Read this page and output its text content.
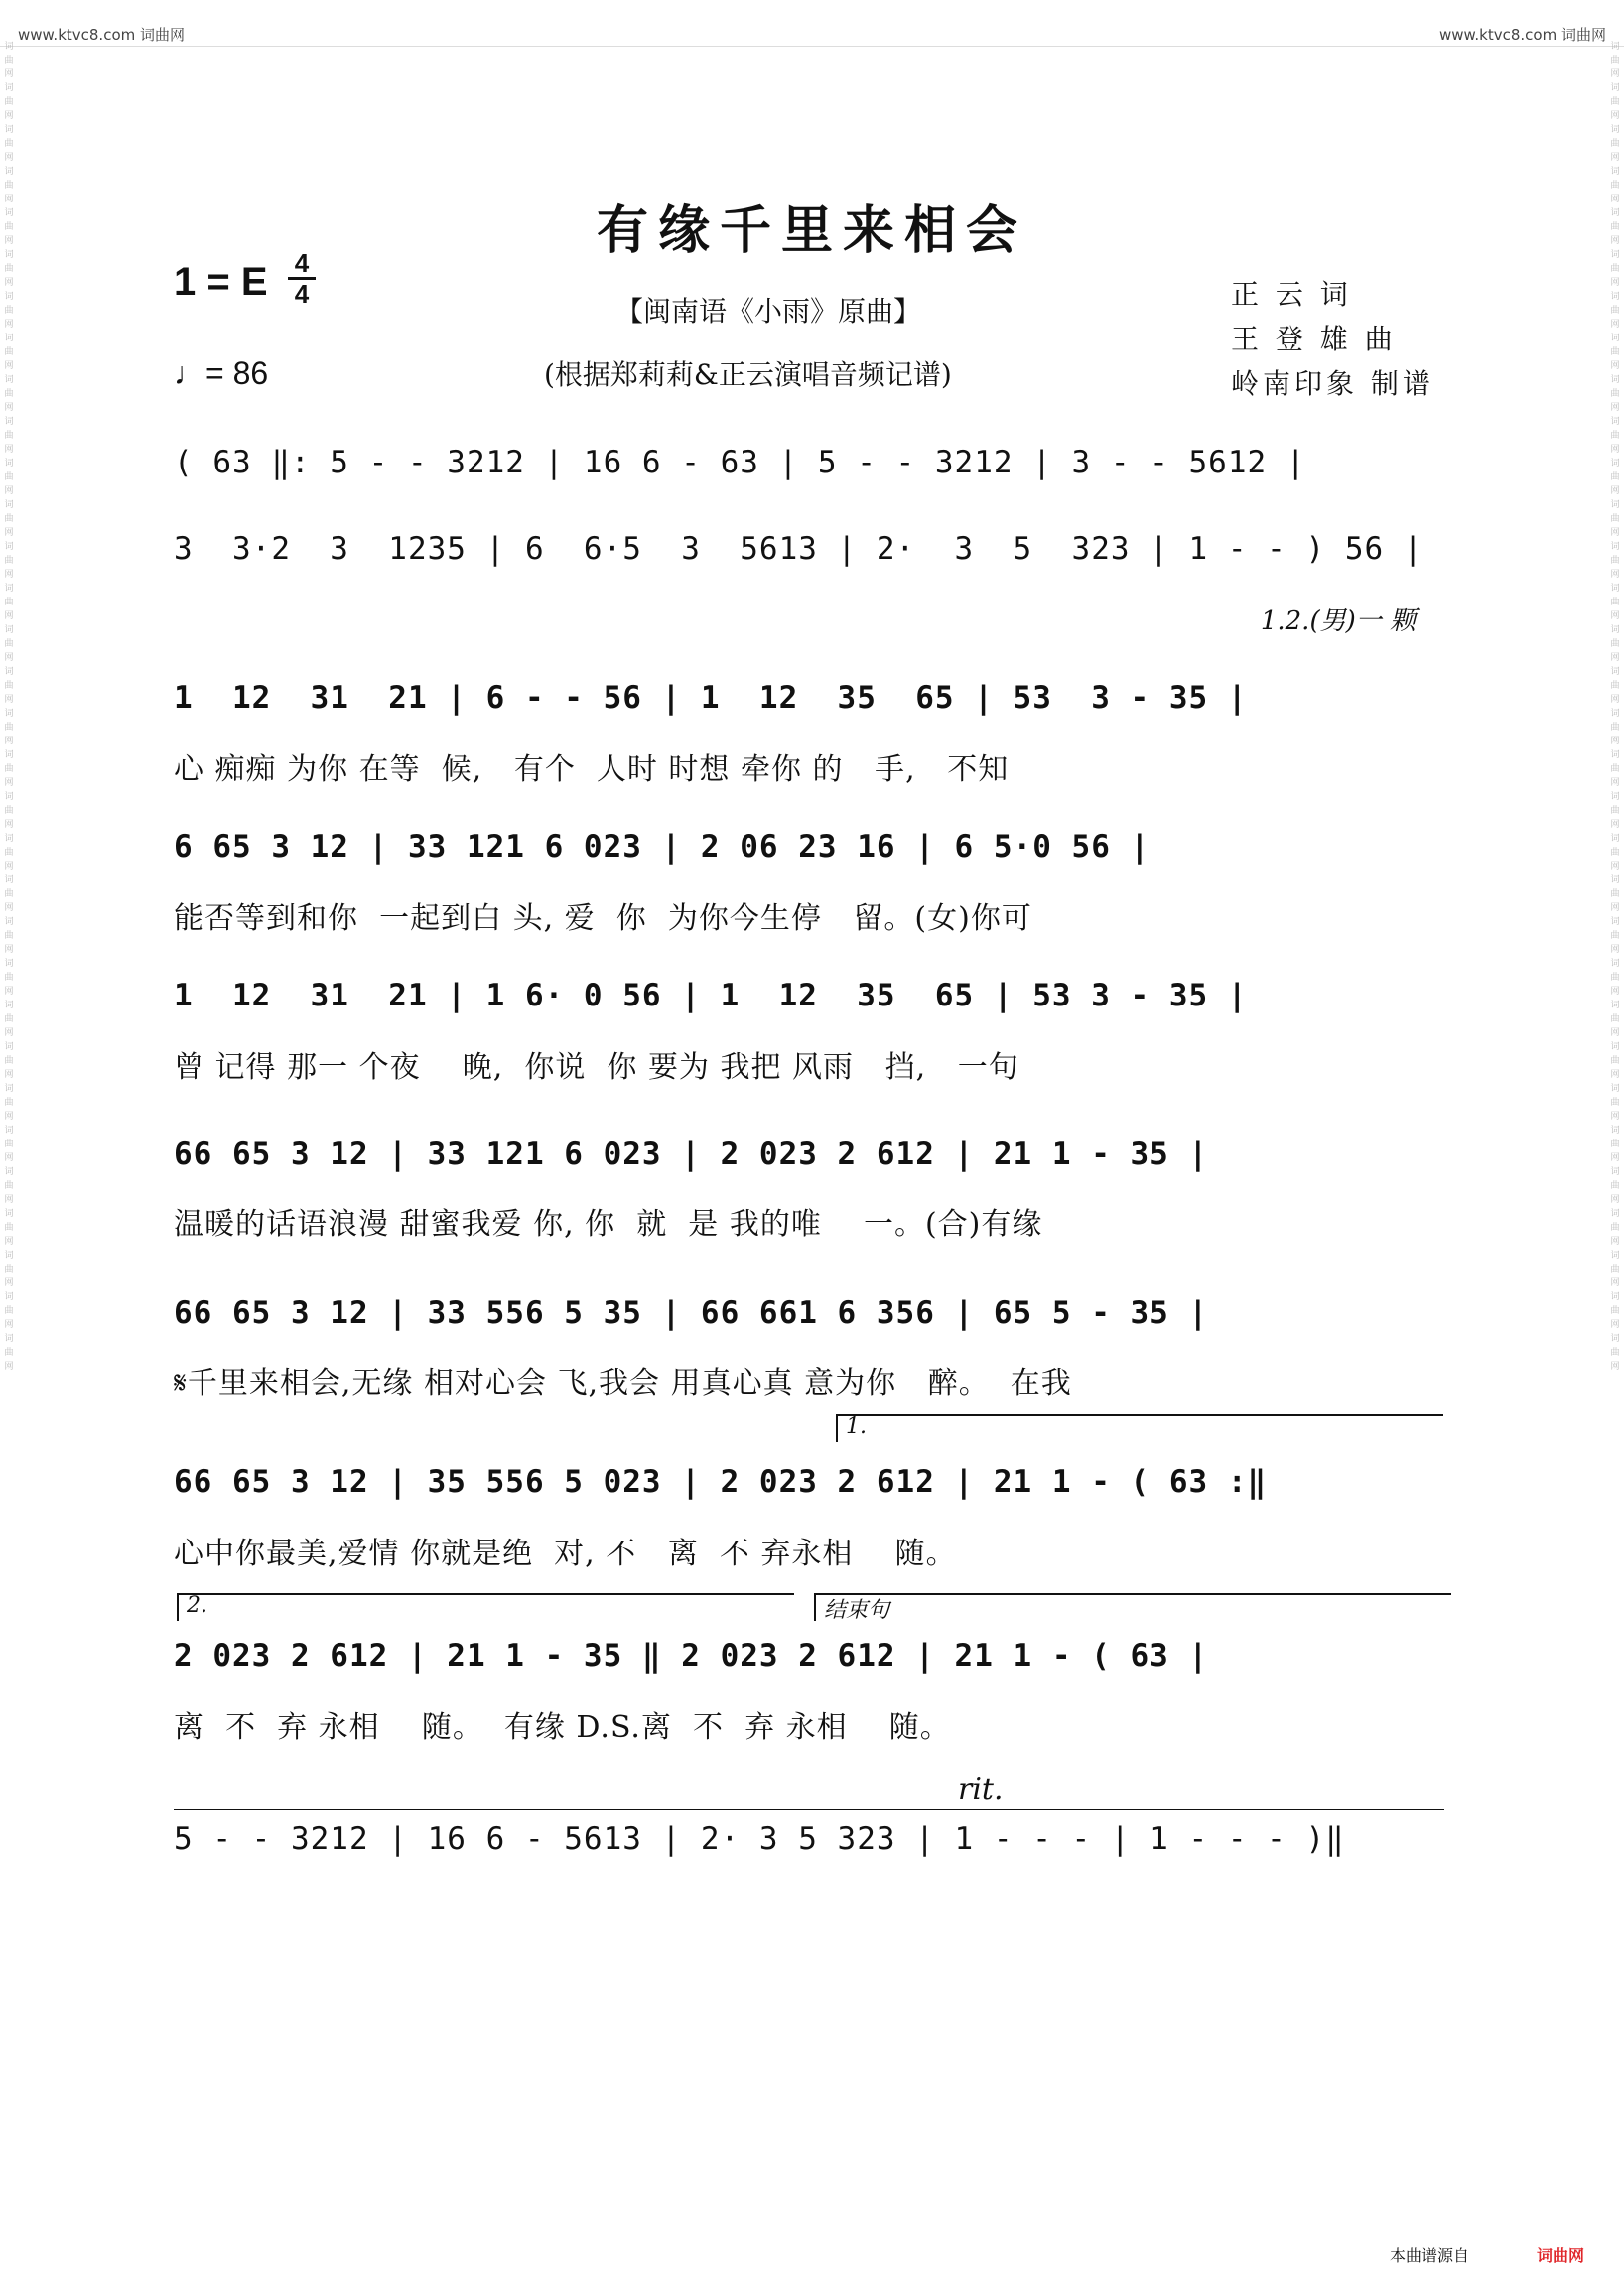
www.ktvc8.com 词曲网	www.ktvc8.com 词曲网
词曲网词曲网词曲网词曲网词曲网词曲网词曲网词曲网词曲网词曲网词曲网词曲网词曲网词曲网词曲网词曲网词曲网词曲网词曲网词曲网词曲网词曲网词曲网词曲网词曲网词曲网词曲网词曲网词曲网词曲网词曲网词曲网
词曲网词曲网词曲网词曲网词曲网词曲网词曲网词曲网词曲网词曲网词曲网词曲网词曲网词曲网词曲网词曲网词曲网词曲网词曲网词曲网词曲网词曲网词曲网词曲网词曲网词曲网词曲网词曲网词曲网词曲网词曲网词曲网
有缘千里来相会
1 = E 4
4
♩= 86
【闽南语《小雨》原曲】
(根据郑莉莉&正云演唱音频记谱)
正 云 词
王 登 雄 曲
岭南印象 制谱
( 63 ‖: 5 - - 3212 | 16 6 - 63 | 5 - - 3212 | 3 - - 5612 |
3  3·2  3  1235 | 6  6·5  3  5613 | 2·  3  5  323 | 1 - - ) 56 |
1.2.(男)一 颗
1  12  31  21 | 6 - - 56 | 1  12  35  65 | 53  3 - 35 |
心 痴痴 为你 在等  候,   有个  人时 时想 牵你 的   手,   不知
6 65 3 12 | 33 121 6 023 | 2 06 23 16 | 6 5·0 56 |
能否等到和你  一起到白 头, 爱  你  为你今生停   留。(女)你可
1  12  31  21 | 1 6· 0 56 | 1  12  35  65 | 53 3 - 35 |
曾 记得 那一 个夜    晚,  你说  你 要为 我把 风雨   挡,   一句
66 65 3 12 | 33 121 6 023 | 2 023 2 612 | 21 1 - 35 |
温暖的话语浪漫 甜蜜我爱 你, 你  就  是 我的唯    一。(合)有缘
66 65 3 12 | 33 556 5 35 | 66 661 6 356 | 65 5 - 35 |
𝄋千里来相会,无缘 相对心会 飞,我会 用真心真 意为你   醉。  在我
1.
66 65 3 12 | 35 556 5 023 | 2 023 2 612 | 21 1 - ( 63 :‖
心中你最美,爱情 你就是绝  对, 不   离  不 弃永相    随。
2.	结束句
2 023 2 612 | 21 1 - 35 ‖ 2 023 2 612 | 21 1 - ( 63 |
离  不  弃 永相    随。  有缘 D.S.离  不  弃 永相    随。
rit.
5 - - 3212 | 16 6 - 5613 | 2· 3 5 323 | 1 - - - | 1 - - - )‖
本曲谱源自	词曲网
